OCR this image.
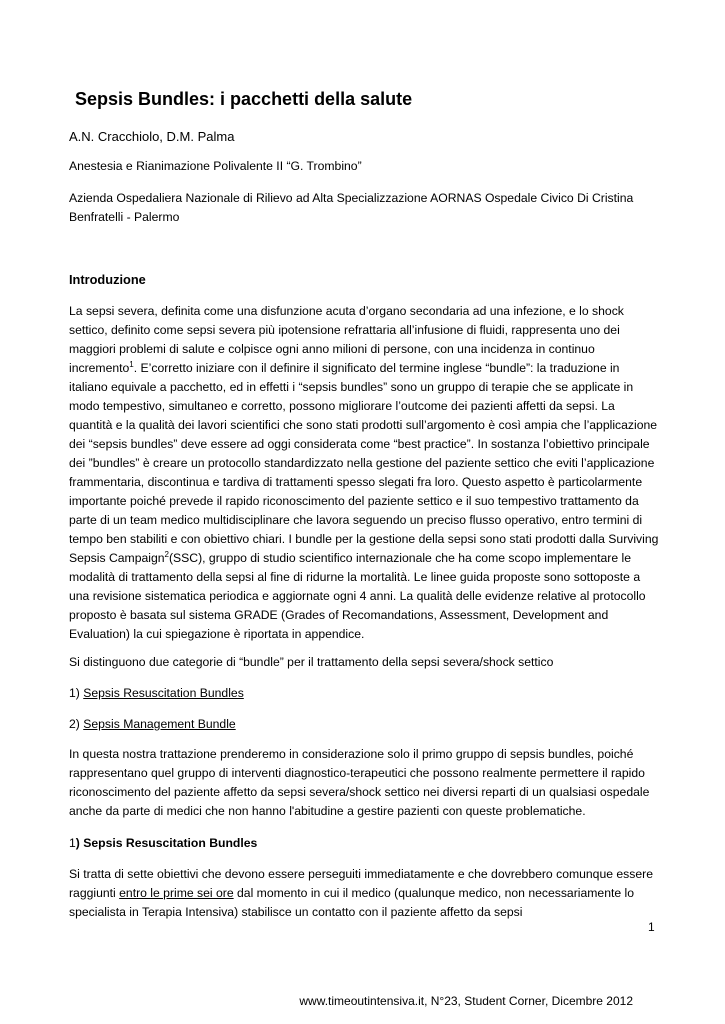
Sepsis Bundles: i pacchetti della salute

A.N. Cracchiolo, D.M. Palma

Anestesia e Rianimazione Polivalente II “G. Trombino”

Azienda Ospedaliera Nazionale di Rilievo ad Alta Specializzazione AORNAS Ospedale Civico Di Cristina Benfratelli - Palermo

Introduzione

La sepsi severa, definita come una disfunzione acuta d’organo secondaria ad una infezione, e lo shock settico, definito come sepsi severa più ipotensione refrattaria all’infusione di fluidi, rappresenta uno dei maggiori problemi di salute e colpisce ogni anno milioni di persone, con una incidenza in continuo incremento$^1$. E’corretto iniziare con il definire il significato del termine inglese “bundle”: la traduzione in italiano equivale a pacchetto, ed in effetti i “sepsis bundles” sono un gruppo di terapie che se applicate in modo tempestivo, simultaneo e corretto, possono migliorare l’outcome dei pazienti affetti da sepsi. La quantità e la qualità dei lavori scientifici che sono stati prodotti sull’argomento è così ampia che l’applicazione dei “sepsis bundles” deve essere ad oggi considerata come “best practice”. In sostanza l’obiettivo principale dei ”bundles” è creare un protocollo standardizzato nella gestione del paziente settico che eviti l’applicazione frammentaria, discontinua e tardiva di trattamenti spesso slegati fra loro. Questo aspetto è particolarmente importante poiché prevede il rapido riconoscimento del paziente settico e il suo tempestivo trattamento da parte di un team medico multidisciplinare che lavora seguendo un preciso flusso operativo, entro termini di tempo ben stabiliti e con obiettivo chiari. I bundle per la gestione della sepsi sono stati prodotti dalla Surviving Sepsis Campaign$^2$(SSC), gruppo di studio scientifico internazionale che ha come scopo implementare le modalità di trattamento della sepsi al fine di ridurne la mortalità. Le linee guida proposte sono sottoposte a una revisione sistematica periodica e aggiornate ogni 4 anni. La qualità delle evidenze relative al protocollo proposto è basata sul sistema GRADE (Grades of Recomandations, Assessment, Development and Evaluation) la cui spiegazione è riportata in appendice.

Si distinguono due categorie di “bundle” per il trattamento della sepsi severa/shock settico

1) Sepsis Resuscitation Bundles

2) Sepsis Management Bundle

In questa nostra trattazione prenderemo in considerazione solo il primo gruppo di sepsis bundles, poiché rappresentano quel gruppo di interventi diagnostico-terapeutici che possono realmente permettere il rapido riconoscimento del paziente affetto da sepsi severa/shock settico nei diversi reparti di un qualsiasi ospedale anche da parte di medici che non hanno l'abitudine a gestire pazienti con queste problematiche.

1) Sepsis Resuscitation Bundles

Si tratta di sette obiettivi che devono essere perseguiti immediatamente e che dovrebbero comunque essere raggiunti entro le prime sei ore dal momento in cui il medico (qualunque medico, non necessariamente lo specialista in Terapia Intensiva) stabilisce un contatto con il paziente affetto da sepsi

1
www.timeoutintensiva.it, N°23, Student Corner, Dicembre 2012
